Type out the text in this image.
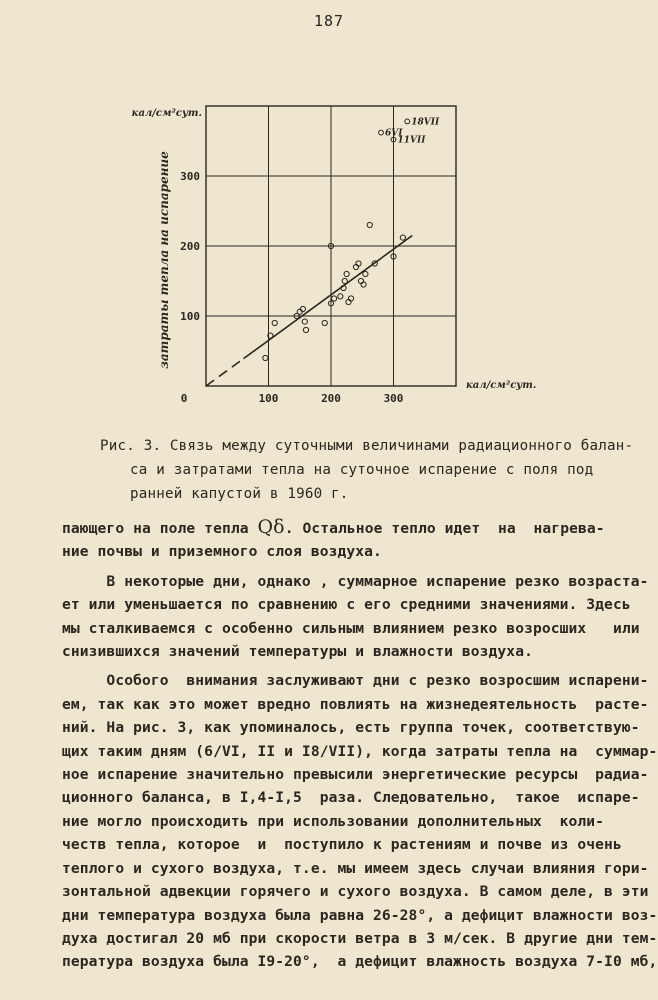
187
100	200	300
100
200
300
0
кал/см²сут.
кал/см²сут.
затраты тепла на испарение
6VI
18VII
11VII
Рис. 3. Связь между суточными величинами радиационного балан-
са и затратами тепла на суточное испарение с поля под
ранней капустой в 1960 г.
пающего на поле тепла Qδ. Остальное тепло идет  на  нагрева-
ние почвы и приземного слоя воздуха.
В некоторые дни, однако , суммарное испарение резко возраста-
ет или уменьшается по сравнению с его средними значениями. Здесь
мы сталкиваемся с особенно сильным влиянием резко возросших   или
снизившихся значений температуры и влажности воздуха.
Особого  внимания заслуживают дни с резко возросшим испарени-
ем, так как это может вредно повлиять на жизнедеятельность  расте-
ний. На рис. 3, как упоминалось, есть группа точек, соответствую-
щих таким дням (6/VI, II и I8/VII), когда затраты тепла на  суммар-
ное испарение значительно превысили энергетические ресурсы  радиа-
ционного баланса, в I,4-I,5  раза. Следовательно,  такое  испаре-
ние могло происходить при использовании дополнительных  коли-
честв тепла, которое  и  поступило к растениям и почве из очень
теплого и сухого воздуха, т.е. мы имеем здесь случаи влияния гори-
зонтальной адвекции горячего и сухого воздуха. В самом деле, в эти
дни температура воздуха была равна 26-28°, а дефицит влажности воз-
духа достигал 20 мб при скорости ветра в 3 м/сек. В другие дни тем-
пература воздуха была I9-20°,  а дефицит влажность воздуха 7-I0 мб,
